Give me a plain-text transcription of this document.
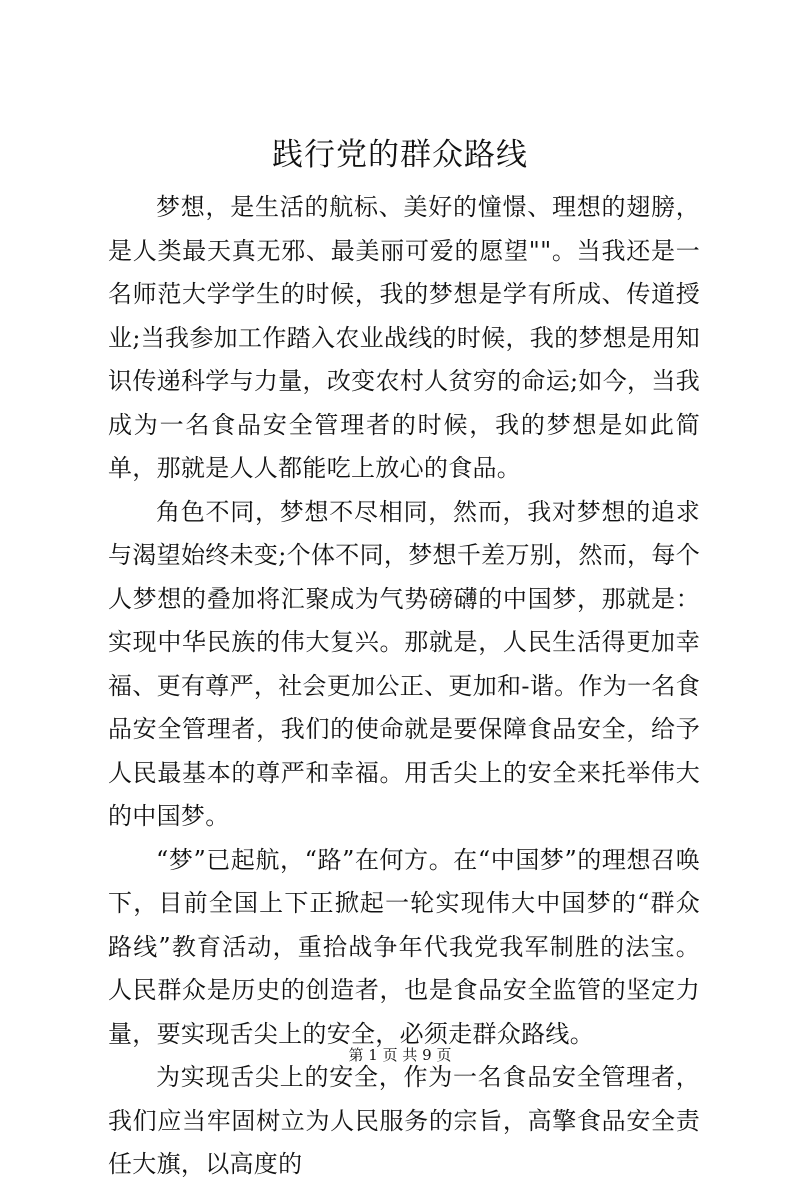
践行党的群众路线

梦想，是生活的航标、美好的憧憬、理想的翅膀，是人类最天真无邪、最美丽可爱的愿望""。当我还是一名师范大学学生的时候，我的梦想是学有所成、传道授业;当我参加工作踏入农业战线的时候，我的梦想是用知识传递科学与力量，改变农村人贫穷的命运;如今，当我成为一名食品安全管理者的时候，我的梦想是如此简单，那就是人人都能吃上放心的食品。

角色不同，梦想不尽相同，然而，我对梦想的追求与渴望始终未变;个体不同，梦想千差万别，然而，每个人梦想的叠加将汇聚成为气势磅礴的中国梦，那就是：实现中华民族的伟大复兴。那就是，人民生活得更加幸福、更有尊严，社会更加公正、更加和-谐。作为一名食品安全管理者，我们的使命就是要保障食品安全，给予人民最基本的尊严和幸福。用舌尖上的安全来托举伟大的中国梦。

“梦”已起航，“路”在何方。在“中国梦”的理想召唤下，目前全国上下正掀起一轮实现伟大中国梦的“群众路线”教育活动，重拾战争年代我党我军制胜的法宝。人民群众是历史的创造者，也是食品安全监管的坚定力量，要实现舌尖上的安全，必须走群众路线。

为实现舌尖上的安全，作为一名食品安全管理者，我们应当牢固树立为人民服务的宗旨，高擎食品安全责任大旗，以高度的

第 1 页 共 9 页
